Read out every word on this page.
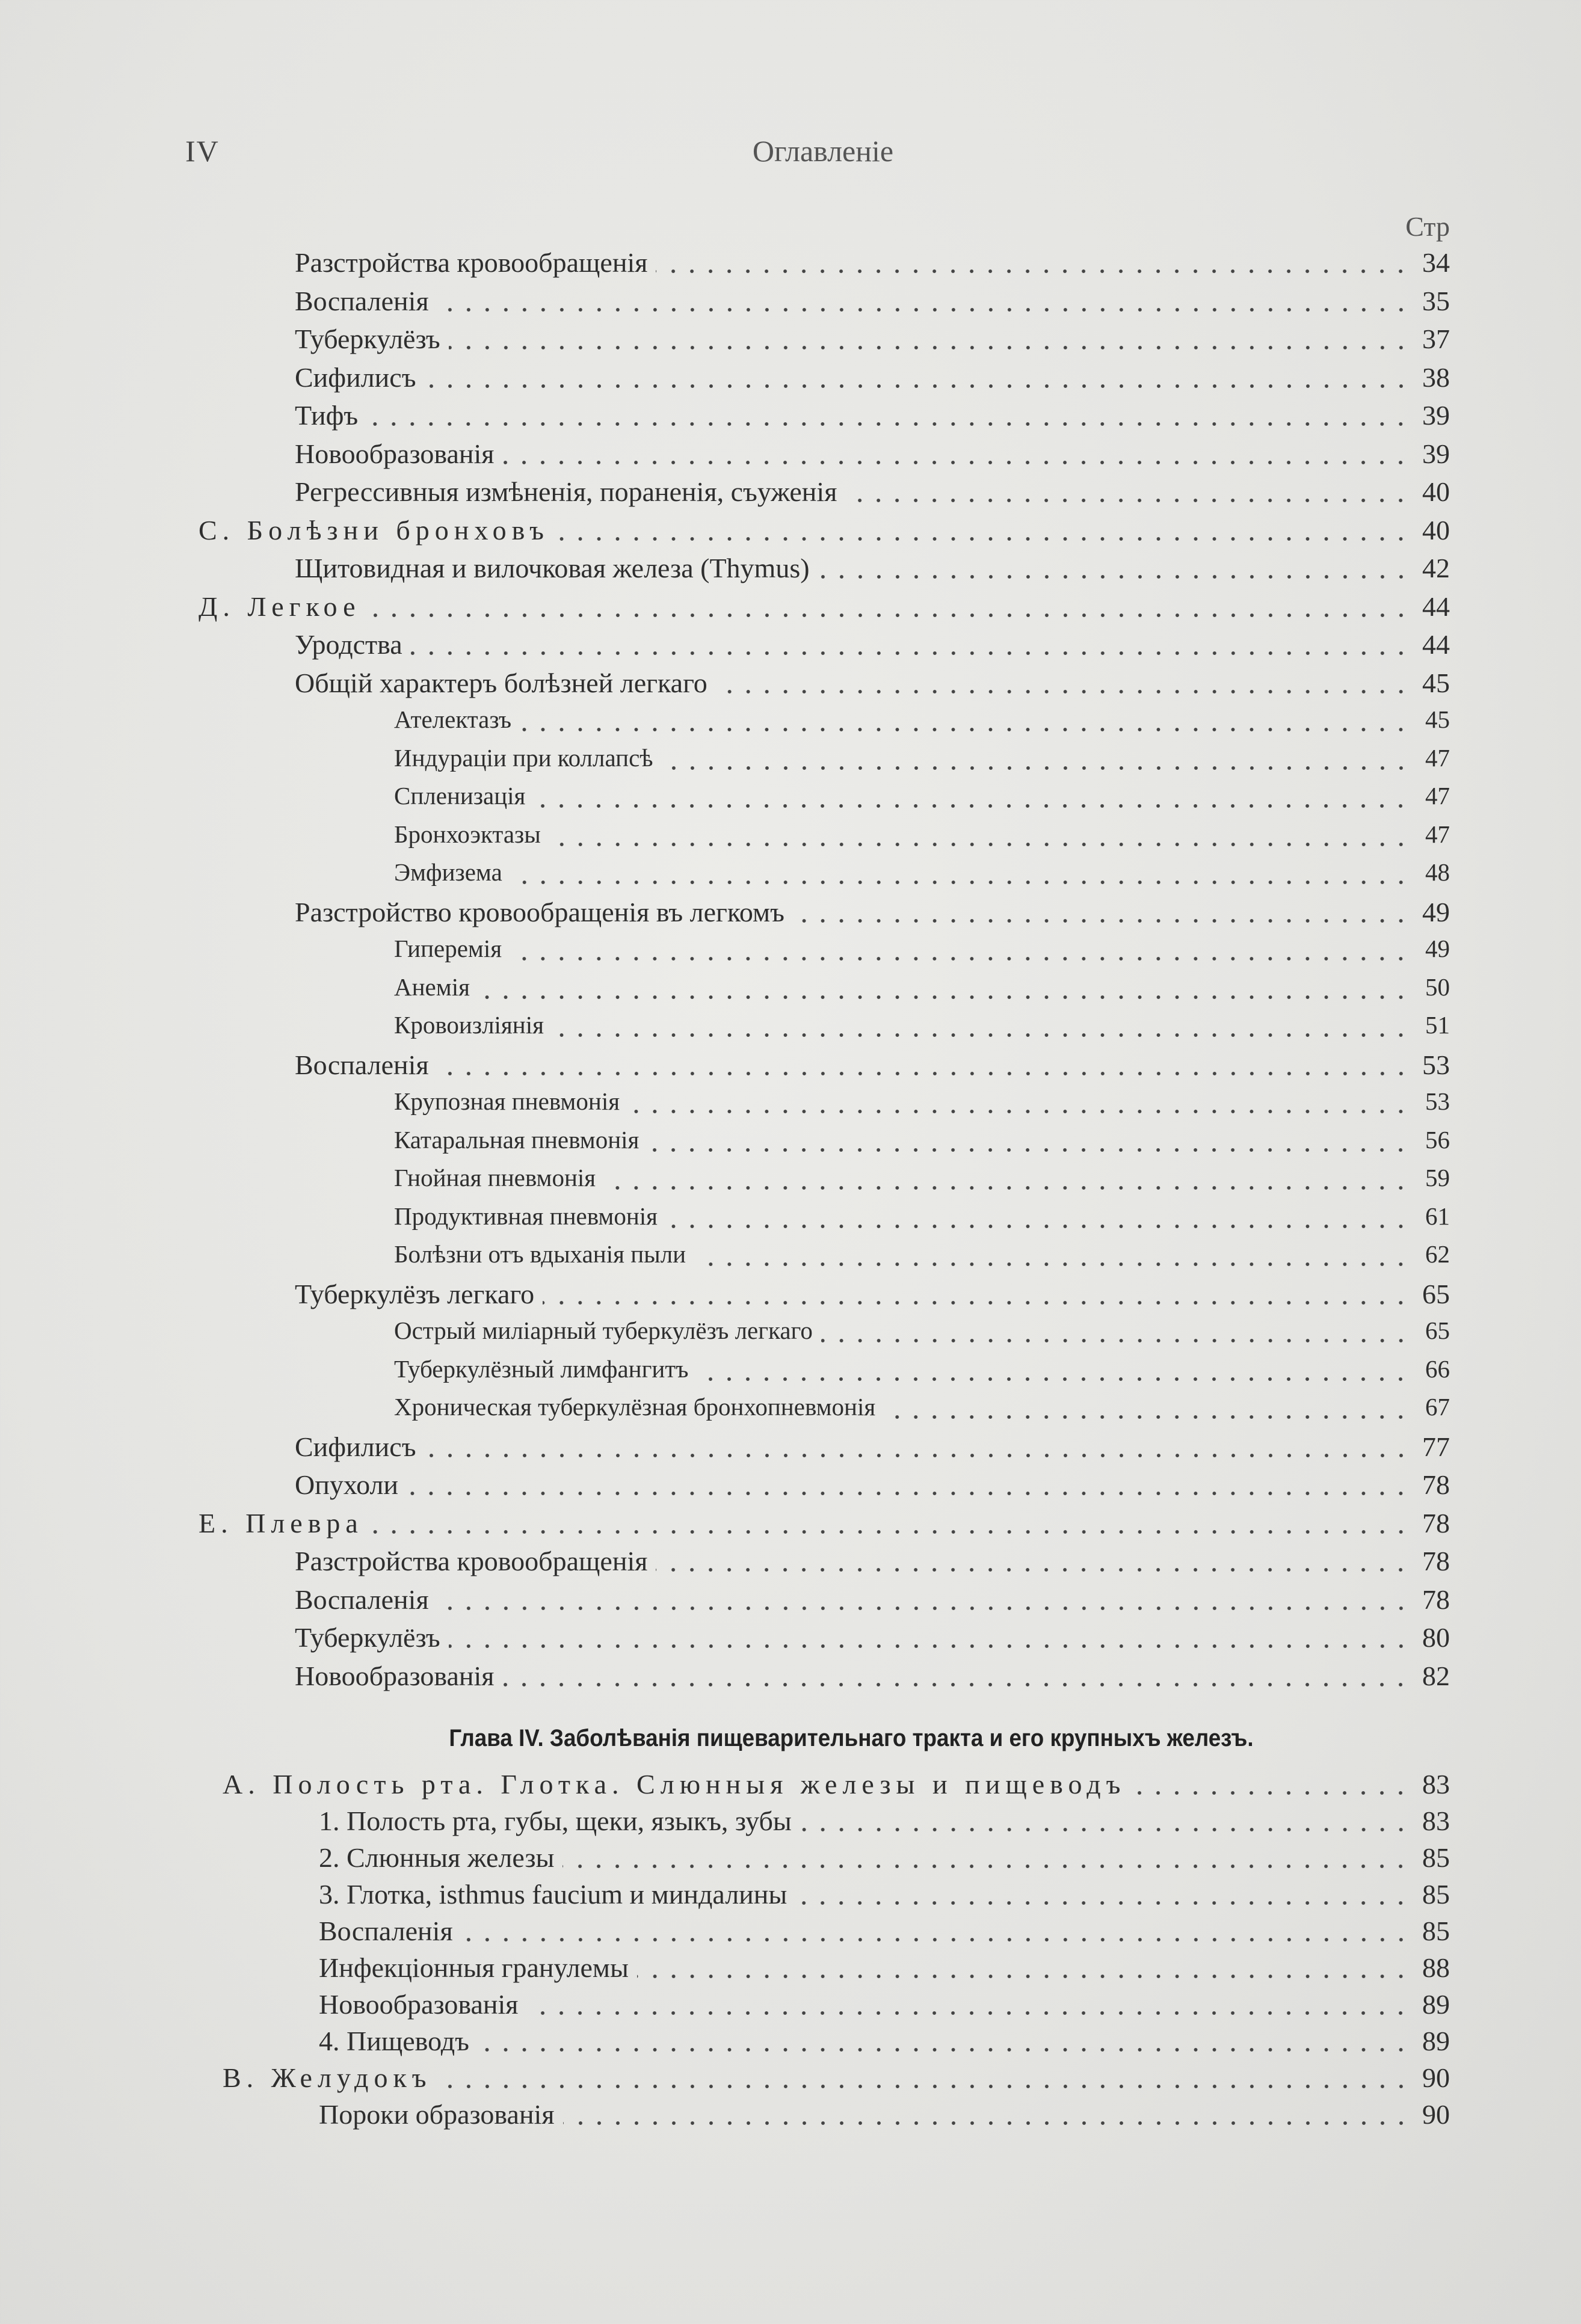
IV	Оглавленіе
Стр
Разстройства кровообращенія	34
Воспаленія	35
Туберкулёзъ	37
Сифилисъ	38
Тифъ	39
Новообразованія	39
Регрессивныя измѣненія, пораненія, съуженія	40
С. Болѣзни бронховъ	40
Щитовидная и вилочковая железа (Thymus)	42
Д. Легкое	44
Уродства	44
Общій характеръ болѣзней легкаго	45
Ателектазъ	45
Индураціи при коллапсѣ	47
Спленизація	47
Бронхоэктазы	47
Эмфизема	48
Разстройство кровообращенія въ легкомъ	49
Гиперемія	49
Анемія	50
Кровоизліянія	51
Воспаленія	53
Крупозная пневмонія	53
Катаральная пневмонія	56
Гнойная пневмонія	59
Продуктивная пневмонія	61
Болѣзни отъ вдыханія пыли	62
Туберкулёзъ легкаго	65
Острый миліарный туберкулёзъ легкаго	65
Туберкулёзный лимфангитъ	66
Хроническая туберкулёзная бронхопневмонія	67
Сифилисъ	77
Опухоли	78
Е. Плевра	78
Разстройства кровообращенія	78
Воспаленія	78
Туберкулёзъ	80
Новообразованія	82
Глава IV. Заболѣванія пищеварительнаго тракта и его крупныхъ железъ.
А. Полость рта. Глотка. Слюнныя железы и пищеводъ	83
1. Полость рта, губы, щеки, языкъ, зубы	83
2. Слюнныя железы	85
3. Глотка, isthmus faucium и миндалины	85
Воспаленія	85
Инфекціонныя гранулемы	88
Новообразованія	89
4. Пищеводъ	89
В. Желудокъ	90
Пороки образованія	90
